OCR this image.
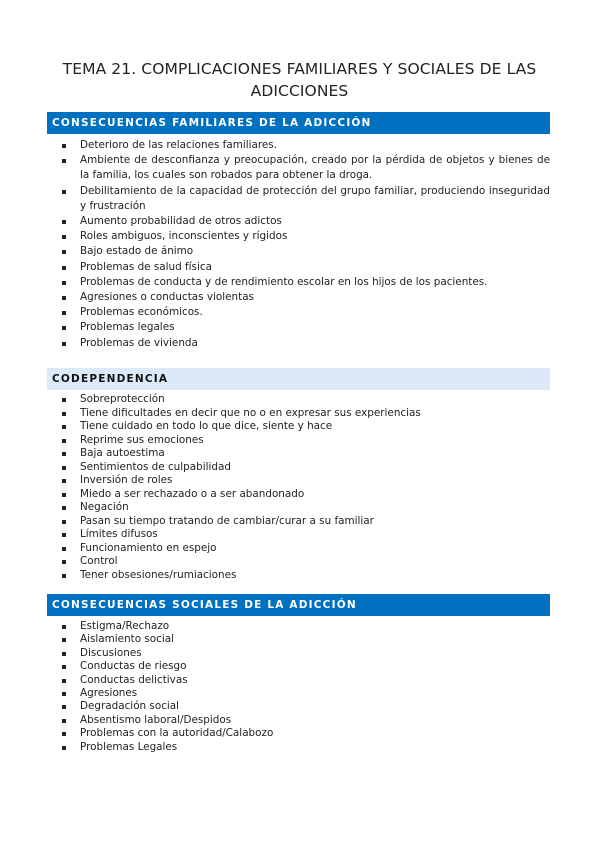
TEMA 21. COMPLICACIONES FAMILIARES Y SOCIALES DE LAS ADICCIONES
CONSECUENCIAS FAMILIARES DE LA ADICCIÓN
Deterioro de las relaciones familiares.
Ambiente de desconfianza y preocupación, creado por la pérdida de objetos y bienes de la familia, los cuales son robados para obtener la droga.
Debilitamiento de la capacidad de protección del grupo familiar, produciendo inseguridad y frustración
Aumento probabilidad de otros adictos
Roles ambiguos, inconscientes y rígidos
Bajo estado de ánimo
Problemas de salud física
Problemas de conducta y de rendimiento escolar en los hijos de los pacientes.
Agresiones o conductas violentas
Problemas económicos.
Problemas legales
Problemas de vivienda
CODEPENDENCIA
Sobreprotección
Tiene dificultades en decir que no o en expresar sus experiencias
Tiene cuidado en todo lo que dice, siente y hace
Reprime sus emociones
Baja autoestima
Sentimientos de culpabilidad
Inversión de roles
Miedo a ser rechazado o a ser abandonado
Negación
Pasan su tiempo tratando de cambiar/curar a su familiar
Límites difusos
Funcionamiento en espejo
Control
Tener obsesiones/rumiaciones
CONSECUENCIAS SOCIALES DE LA ADICCIÓN
Estigma/Rechazo
Aislamiento social
Discusiones
Conductas de riesgo
Conductas delictivas
Agresiones
Degradación social
Absentismo laboral/Despidos
Problemas con la autoridad/Calabozo
Problemas Legales
